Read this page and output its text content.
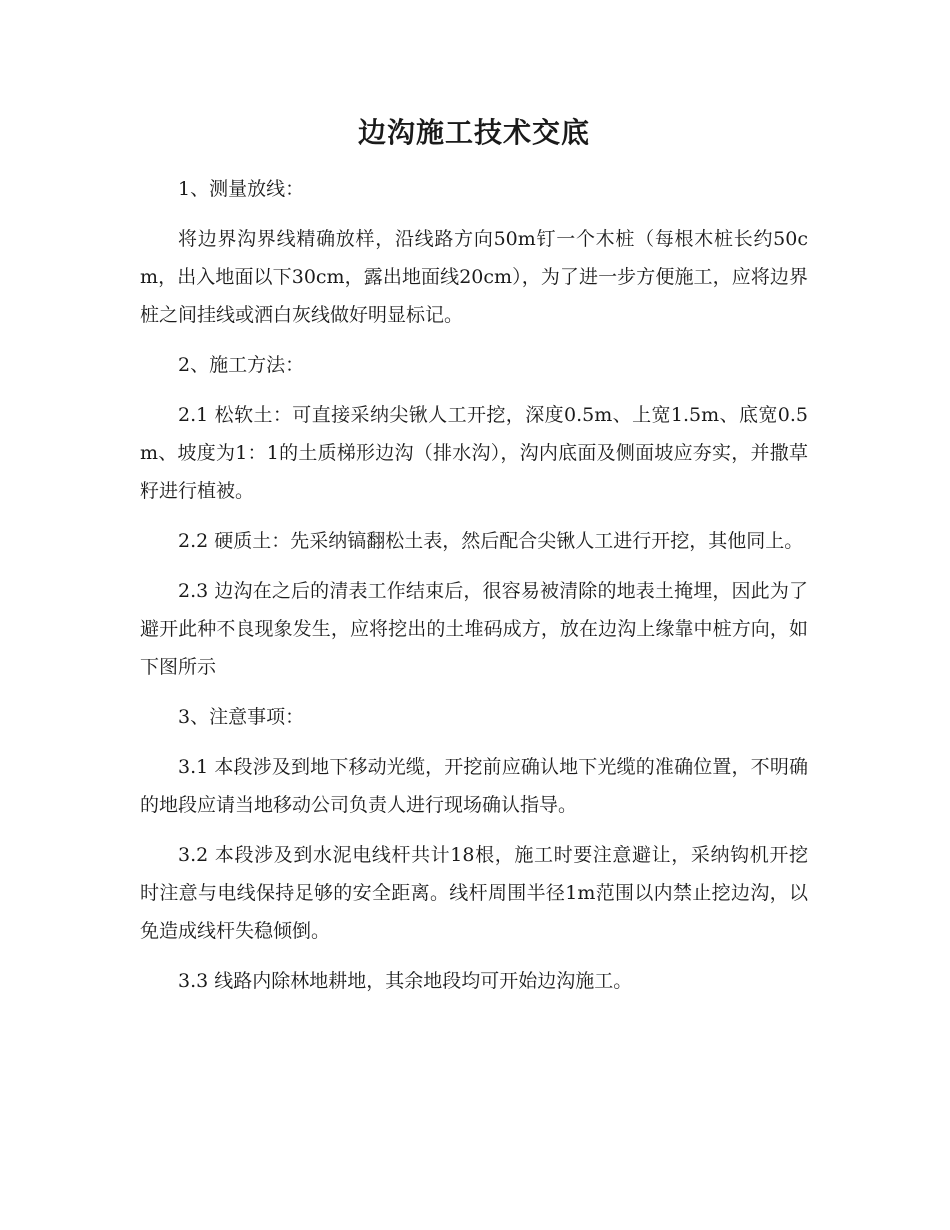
边沟施工技术交底

1、测量放线：

将边界沟界线精确放样，沿线路方向50m钉一个木桩（每根木桩长约50cm，出入地面以下30cm，露出地面线20cm），为了进一步方便施工，应将边界桩之间挂线或洒白灰线做好明显标记。

2、施工方法：

2.1 松软土：可直接采纳尖锹人工开挖，深度0.5m、上宽1.5m、底宽0.5m、坡度为1：1的土质梯形边沟（排水沟），沟内底面及侧面坡应夯实，并撒草籽进行植被。

2.2 硬质土：先采纳镐翻松土表，然后配合尖锹人工进行开挖，其他同上。

2.3 边沟在之后的清表工作结束后，很容易被清除的地表土掩埋，因此为了避开此种不良现象发生，应将挖出的土堆码成方，放在边沟上缘靠中桩方向，如下图所示

3、注意事项：

3.1 本段涉及到地下移动光缆，开挖前应确认地下光缆的准确位置，不明确的地段应请当地移动公司负责人进行现场确认指导。

3.2 本段涉及到水泥电线杆共计18根，施工时要注意避让，采纳钩机开挖时注意与电线保持足够的安全距离。线杆周围半径1m范围以内禁止挖边沟，以免造成线杆失稳倾倒。

3.3 线路内除林地耕地，其余地段均可开始边沟施工。
